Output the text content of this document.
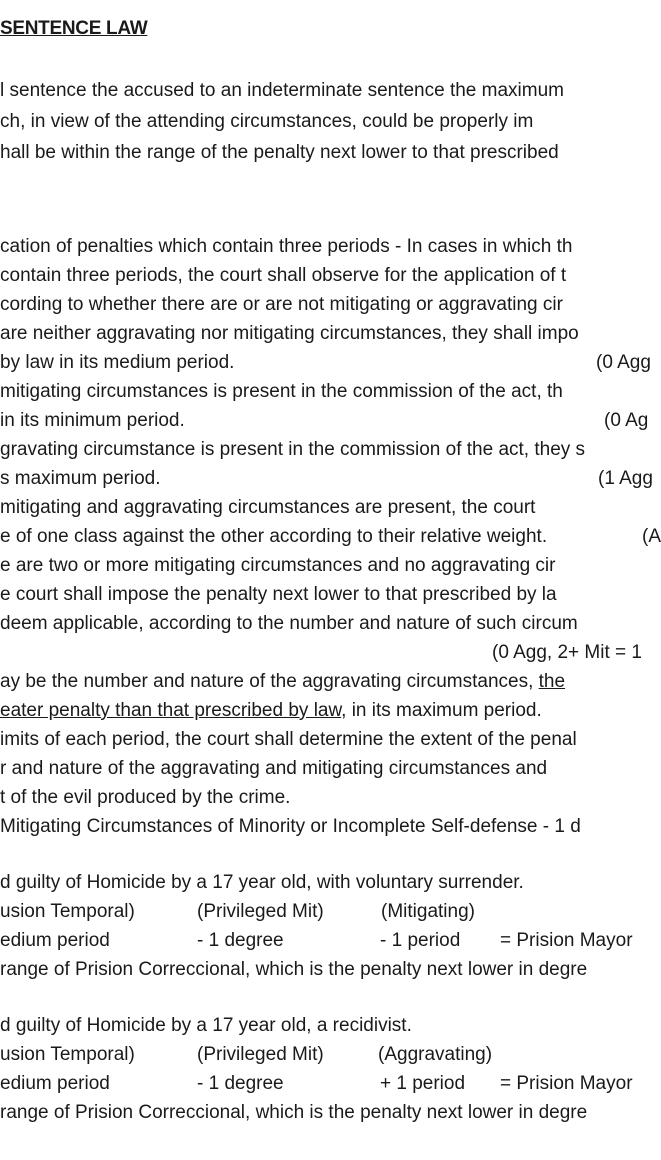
SENTENCE LAW
l sentence the accused to an indeterminate sentence the maximum
ch, in view of the attending circumstances, could be properly im
hall be within the range of the penalty next lower to that prescribed
cation of penalties which contain three periods - In cases in which th
contain three periods, the court shall observe for the application of t
cording to whether there are or are not mitigating or aggravating cir
are neither aggravating nor mitigating circumstances, they shall impo
by law in its medium period.	(0 Agg
mitigating circumstances is present in the commission of the act, th
in its minimum period.	(0 Ag
gravating circumstance is present in the commission of the act, they s
s maximum period.	(1 Agg
mitigating and aggravating circumstances are present, the court
e of one class against the other according to their relative weight.	(A
e are two or more mitigating circumstances and no aggravating cir
e court shall impose the penalty next lower to that prescribed by la
deem applicable, according to the number and nature of such circum
(0 Agg, 2+ Mit = 1
ay be the number and nature of the aggravating circumstances, the
eater penalty than that prescribed by law, in its maximum period.
imits of each period, the court shall determine the extent of the penal
r and nature of the aggravating and mitigating circumstances and
t of the evil produced by the crime.
Mitigating Circumstances of Minority or Incomplete Self-defense - 1 d
d guilty of Homicide by a 17 year old, with voluntary surrender.
usion Temporal)	(Privileged Mit)	(Mitigating)
edium period	- 1 degree	- 1 period = Prision Mayor
range of Prision Correccional, which is the penalty next lower in degre
d guilty of Homicide by a 17 year old, a recidivist.
usion Temporal)	(Privileged Mit)	(Aggravating)
edium period	- 1 degree	+ 1 period = Prision Mayor
range of Prision Correccional, which is the penalty next lower in degre
